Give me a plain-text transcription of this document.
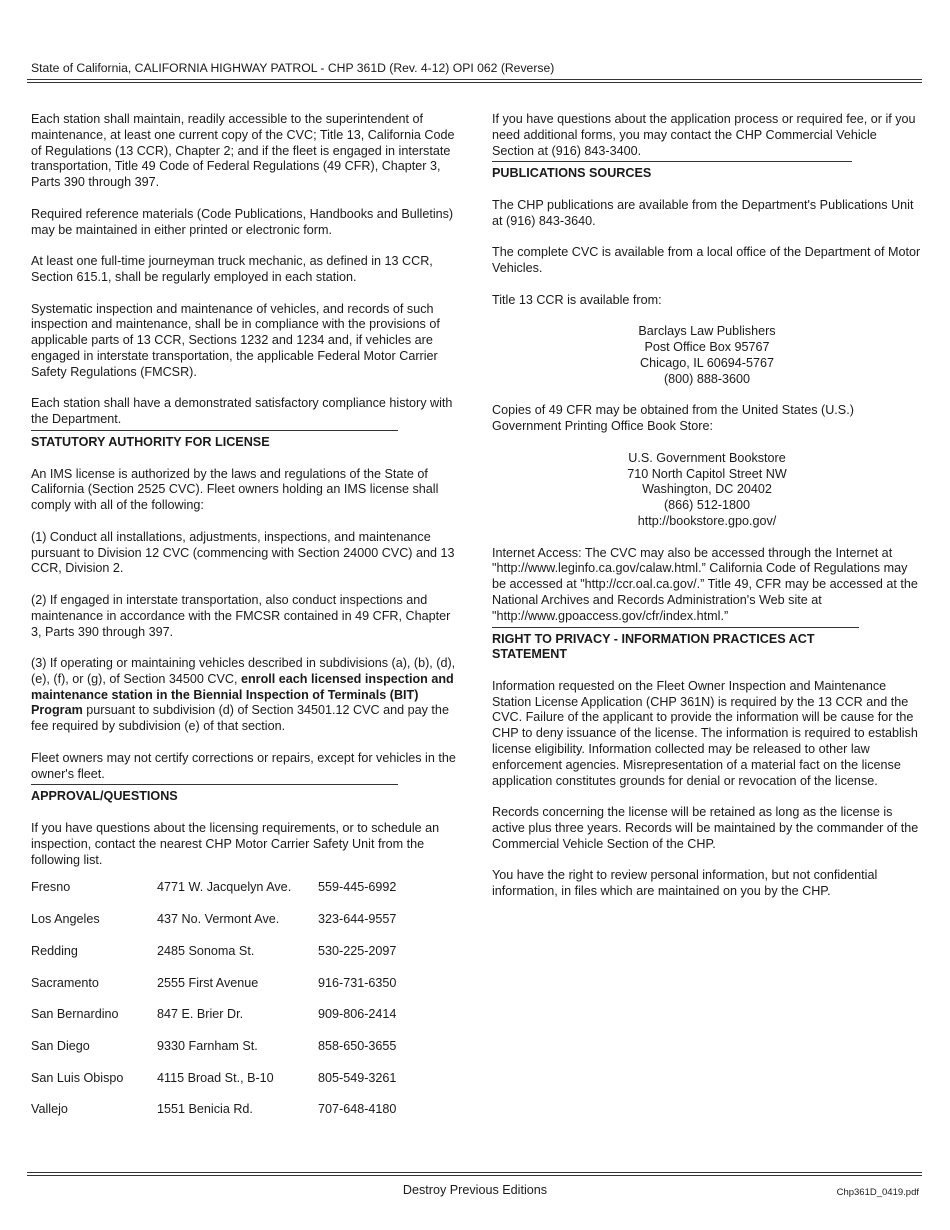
State of California, CALIFORNIA HIGHWAY PATROL - CHP 361D (Rev. 4-12) OPI 062 (Reverse)

Each station shall maintain, readily accessible to the superintendent of maintenance, at least one current copy of the CVC; Title 13, California Code of Regulations (13 CCR), Chapter 2; and if the fleet is engaged in interstate transportation, Title 49 Code of Federal Regulations (49 CFR), Chapter 3, Parts 390 through 397.

Required reference materials (Code Publications, Handbooks and Bulletins) may be maintained in either printed or electronic form.

At least one full-time journeyman truck mechanic, as defined in 13 CCR, Section 615.1, shall be regularly employed in each station.

Systematic inspection and maintenance of vehicles, and records of such inspection and maintenance, shall be in compliance with the provisions of applicable parts of 13 CCR, Sections 1232 and 1234 and, if vehicles are engaged in interstate transportation, the applicable Federal Motor Carrier Safety Regulations (FMCSR).

Each station shall have a demonstrated satisfactory compliance history with the Department.

STATUTORY AUTHORITY FOR LICENSE

An IMS license is authorized by the laws and regulations of the State of California (Section 2525 CVC). Fleet owners holding an IMS license shall comply with all of the following:

(1) Conduct all installations, adjustments, inspections, and maintenance pursuant to Division 12 CVC (commencing with Section 24000 CVC) and 13 CCR, Division 2.

(2) If engaged in interstate transportation, also conduct inspections and maintenance in accordance with the FMCSR contained in 49 CFR, Chapter 3, Parts 390 through 397.

(3) If operating or maintaining vehicles described in subdivisions (a), (b), (d), (e), (f), or (g), of Section 34500 CVC, enroll each licensed inspection and maintenance station in the Biennial Inspection of Terminals (BIT) Program pursuant to subdivision (d) of Section 34501.12 CVC and pay the fee required by subdivision (e) of that section.

Fleet owners may not certify corrections or repairs, except for vehicles in the owner's fleet.

APPROVAL/QUESTIONS

If you have questions about the licensing requirements, or to schedule an inspection, contact the nearest CHP Motor Carrier Safety Unit from the following list.

Fresno	4771 W. Jacquelyn Ave.	559-445-6992
Los Angeles	437 No. Vermont Ave.	323-644-9557
Redding	2485 Sonoma St.	530-225-2097
Sacramento	2555 First Avenue	916-731-6350
San Bernardino	847 E. Brier Dr.	909-806-2414
San Diego	9330 Farnham St.	858-650-3655
San Luis Obispo	4115 Broad St., B-10	805-549-3261
Vallejo	1551 Benicia Rd.	707-648-4180

If you have questions about the application process or required fee, or if you need additional forms, you may contact the CHP Commercial Vehicle Section at (916) 843-3400.

PUBLICATIONS SOURCES

The CHP publications are available from the Department's Publications Unit at (916) 843-3640.

The complete CVC is available from a local office of the Department of Motor Vehicles.

Title 13 CCR is available from:

Barclays Law Publishers
Post Office Box 95767
Chicago, IL 60694-5767
(800) 888-3600

Copies of 49 CFR may be obtained from the United States (U.S.) Government Printing Office Book Store:

U.S. Government Bookstore
710 North Capitol Street NW
Washington, DC 20402
(866) 512-1800
http://bookstore.gpo.gov/

Internet Access: The CVC may also be accessed through the Internet at "http://www.leginfo.ca.gov/calaw.html.” California Code of Regulations may be accessed at "http://ccr.oal.ca.gov/.” Title 49, CFR may be accessed at the National Archives and Records Administration's Web site at "http://www.gpoaccess.gov/cfr/index.html.”

RIGHT TO PRIVACY - INFORMATION PRACTICES ACT
STATEMENT

Information requested on the Fleet Owner Inspection and Maintenance Station License Application (CHP 361N) is required by the 13 CCR and the CVC. Failure of the applicant to provide the information will be cause for the CHP to deny issuance of the license. The information is required to establish license eligibility. Information collected may be released to other law enforcement agencies. Misrepresentation of a material fact on the license application constitutes grounds for denial or revocation of the license.

Records concerning the license will be retained as long as the license is active plus three years. Records will be maintained by the commander of the Commercial Vehicle Section of the CHP.

You have the right to review personal information, but not confidential information, in files which are maintained on you by the CHP.

Destroy Previous Editions	Chp361D_0419.pdf
